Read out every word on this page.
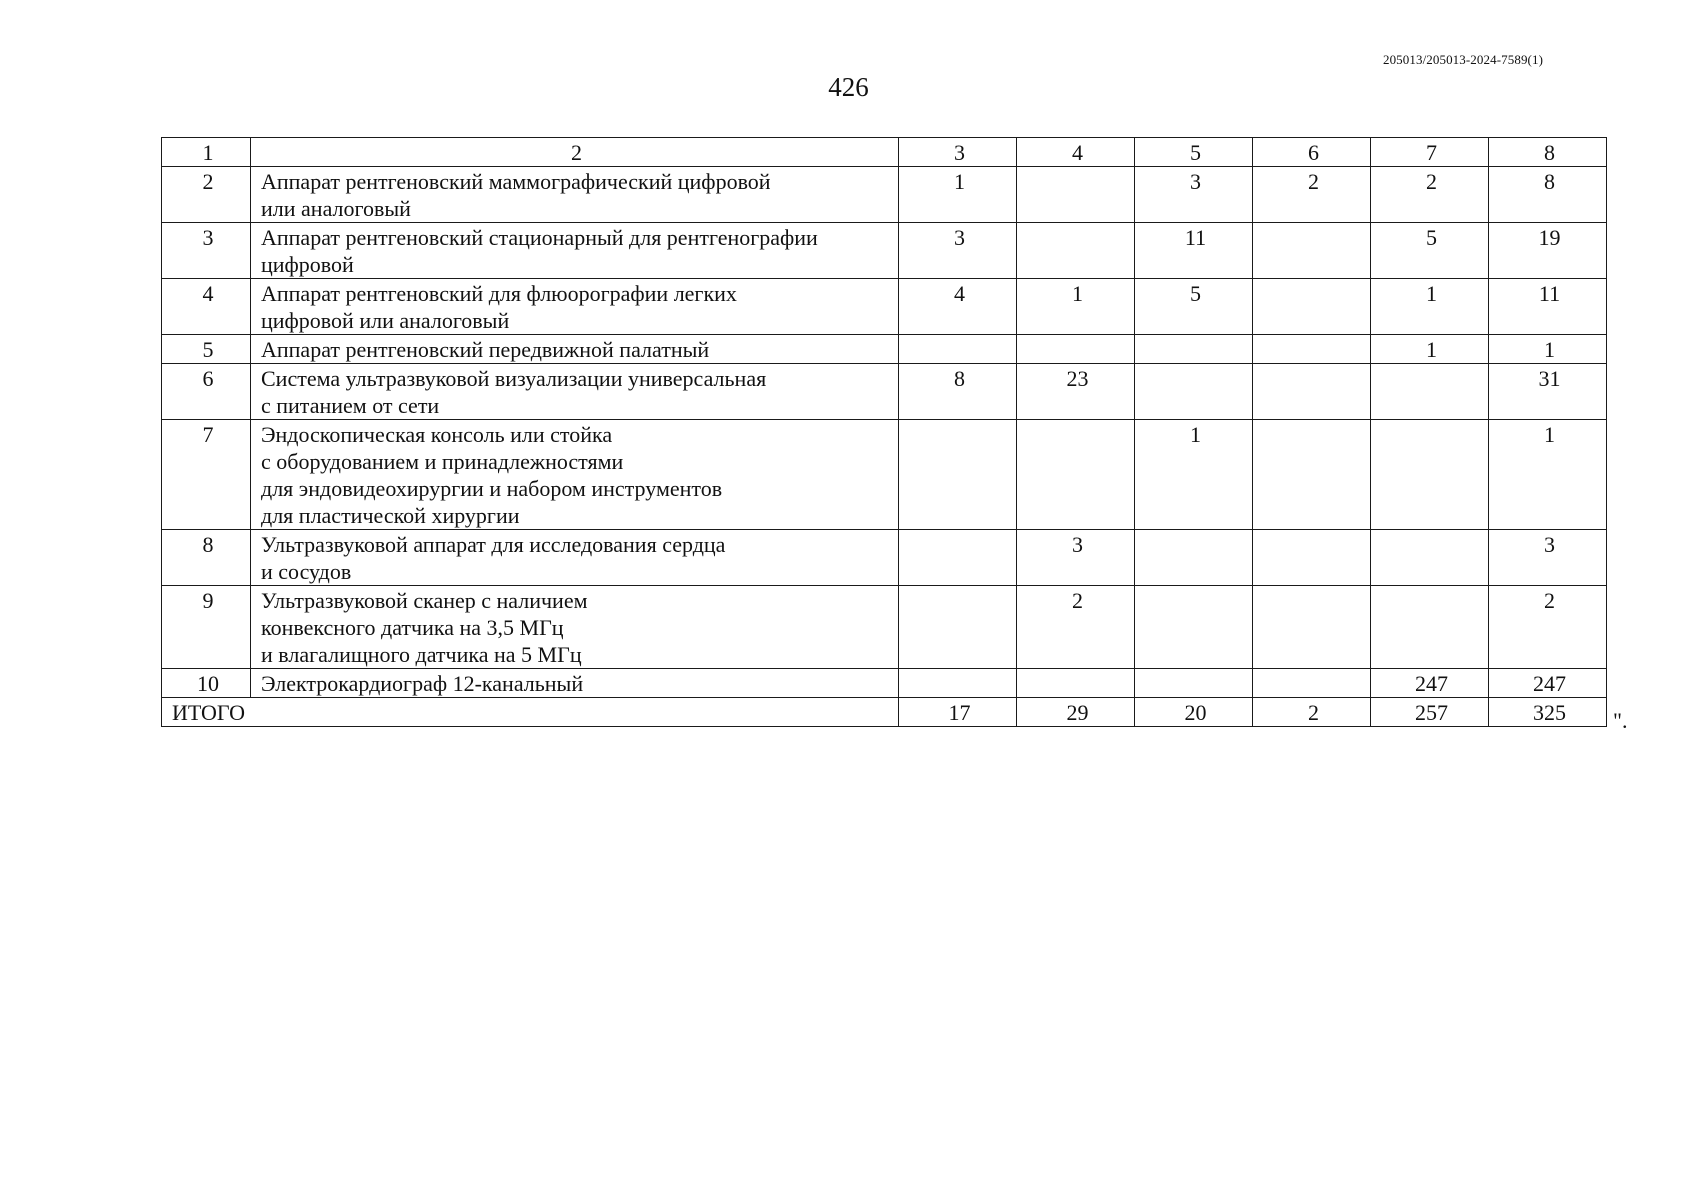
205013/205013-2024-7589(1)
426
1	2	3	4	5	6	7	8
2	Аппарат рентгеновский маммографический цифровой
или аналоговый	1		3	2	2	8
3	Аппарат рентгеновский стационарный для рентгенографии
цифровой	3		11		5	19
4	Аппарат рентгеновский для флюорографии легких
цифровой или аналоговый	4	1	5		1	11
5	Аппарат рентгеновский передвижной палатный					1	1
6	Система ультразвуковой визуализации универсальная
с питанием от сети	8	23				31
7	Эндоскопическая консоль или стойка
с оборудованием и принадлежностями
для эндовидеохирургии и набором инструментов
для пластической хирургии			1			1
8	Ультразвуковой аппарат для исследования сердца
и сосудов		3				3
9	Ультразвуковой сканер с наличием
конвексного датчика на 3,5 МГц
и влагалищного датчика на 5 МГц		2				2
10	Электрокардиограф 12-канальный					247	247
ИТОГО		17	29	20	2	257	325 ".
